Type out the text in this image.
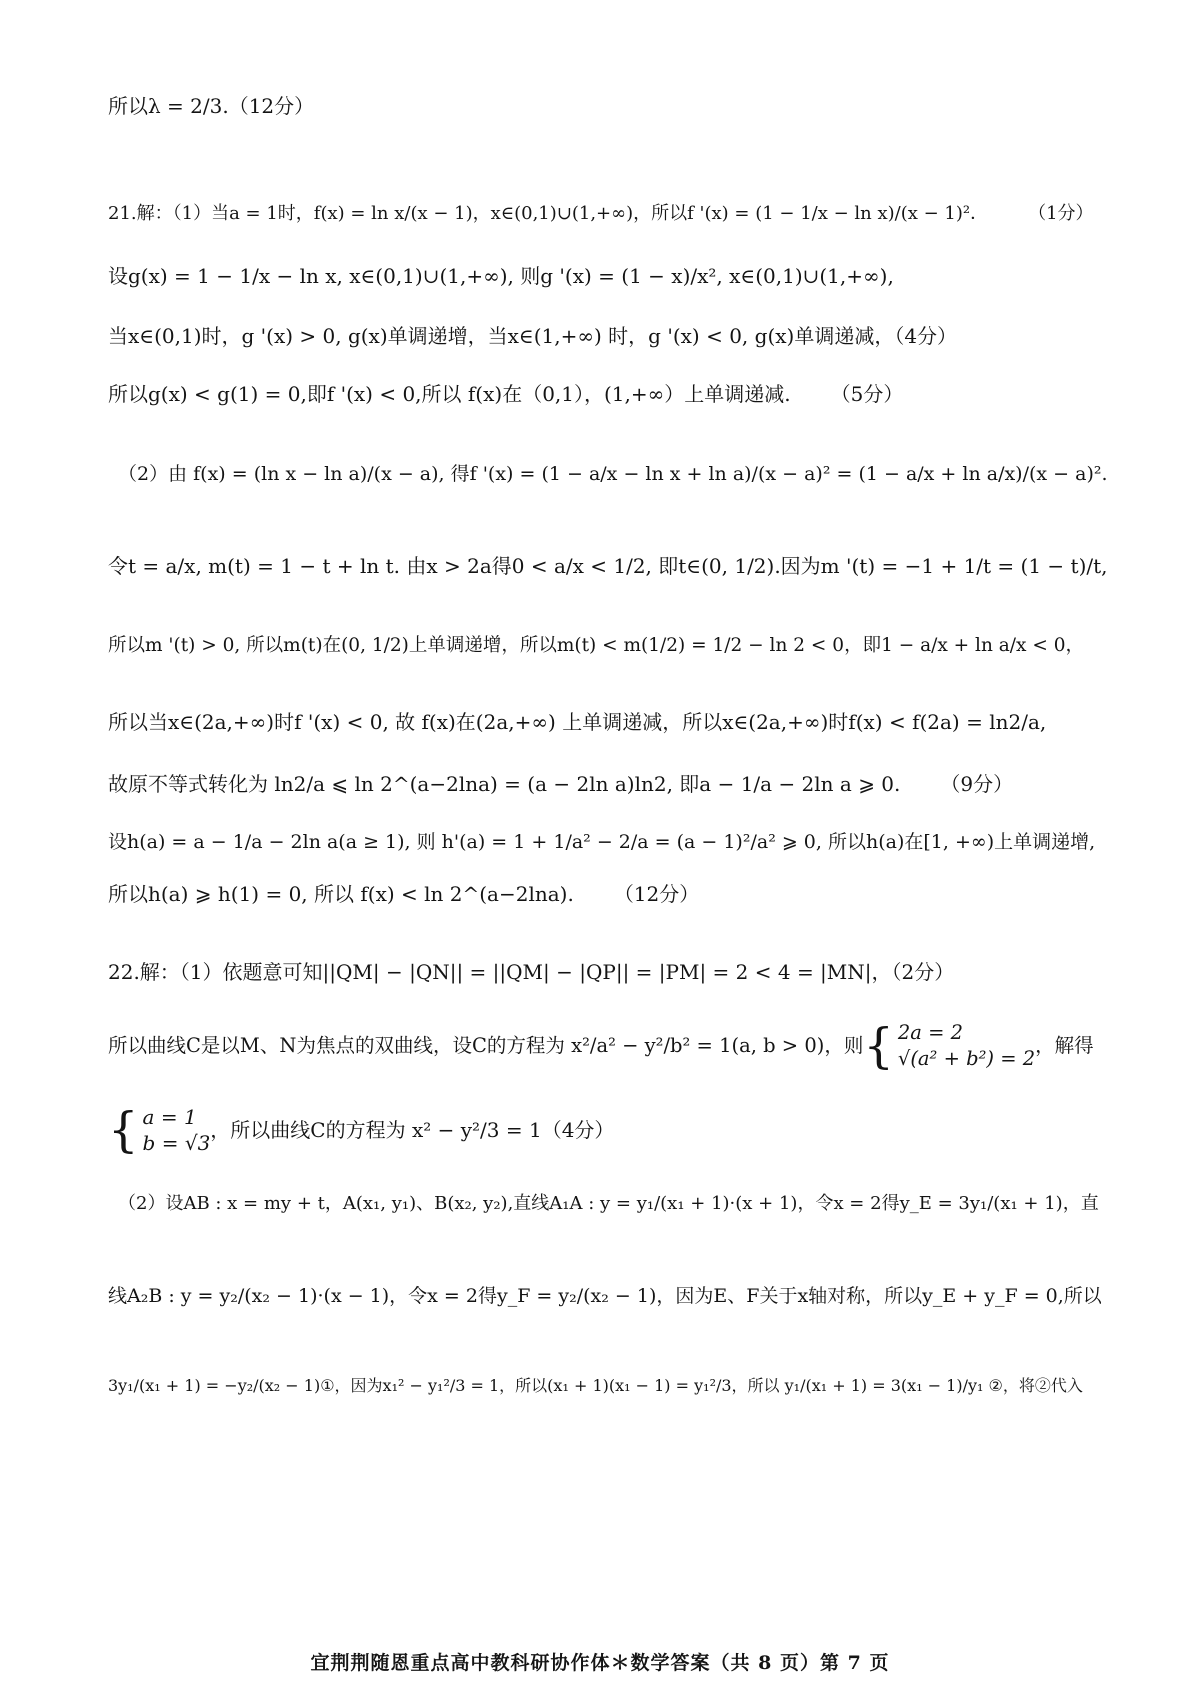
所以λ = 2/3.（12分）
21.解：（1）当a = 1时，f(x) = ln x/(x − 1)，x∈(0,1)∪(1,+∞)，所以f '(x) = (1 − 1/x − ln x)/(x − 1)²． （1分）
设g(x) = 1 − 1/x − ln x, x∈(0,1)∪(1,+∞), 则g '(x) = (1 − x)/x², x∈(0,1)∪(1,+∞),
当x∈(0,1)时，g '(x) > 0, g(x)单调递增，当x∈(1,+∞) 时，g '(x) < 0, g(x)单调递减，（4分）
所以g(x) < g(1) = 0,即f '(x) < 0,所以 f(x)在（0,1），(1,+∞）上单调递减. （5分）
（2）由 f(x) = (ln x − ln a)/(x − a), 得f '(x) = (1 − a/x − ln x + ln a)/(x − a)² = (1 − a/x + ln a/x)/(x − a)².
令t = a/x, m(t) = 1 − t + ln t. 由x > 2a得0 < a/x < 1/2, 即t∈(0, 1/2).因为m '(t) = −1 + 1/t = (1 − t)/t,
所以m '(t) > 0, 所以m(t)在(0, 1/2)上单调递增，所以m(t) < m(1/2) = 1/2 − ln 2 < 0，即1 − a/x + ln a/x < 0，
所以当x∈(2a,+∞)时f '(x) < 0, 故 f(x)在(2a,+∞) 上单调递减，所以x∈(2a,+∞)时f(x) < f(2a) = ln2/a,
故原不等式转化为 ln2/a ⩽ ln 2^(a−2lna) = (a − 2ln a)ln2, 即a − 1/a − 2ln a ⩾ 0. （9分）
设h(a) = a − 1/a − 2ln a(a ≥ 1), 则 h'(a) = 1 + 1/a² − 2/a = (a − 1)²/a² ⩾ 0, 所以h(a)在[1, +∞)上单调递增,
所以h(a) ⩾ h(1) = 0, 所以 f(x) < ln 2^(a−2lna). （12分）
22.解：（1）依题意可知||QM| − |QN|| = ||QM| − |QP|| = |PM| = 2 < 4 = |MN|，（2分）
所以曲线C是以M、N为焦点的双曲线，设C的方程为 x²/a² − y²/b² = 1(a, b > 0)，则 { 2a = 2
√(a² + b²) = 2
，解得
{ a = 1
b = √3
，所以曲线C的方程为 x² − y²/3 = 1（4分）
（2）设AB : x = my + t，A(x₁, y₁)、B(x₂, y₂),直线A₁A : y = y₁/(x₁ + 1)·(x + 1)，令x = 2得y_E = 3y₁/(x₁ + 1)，直
线A₂B : y = y₂/(x₂ − 1)·(x − 1)，令x = 2得y_F = y₂/(x₂ − 1)，因为E、F关于x轴对称，所以y_E + y_F = 0,所以
3y₁/(x₁ + 1) = −y₂/(x₂ − 1)①，因为x₁² − y₁²/3 = 1，所以(x₁ + 1)(x₁ − 1) = y₁²/3，所以 y₁/(x₁ + 1) = 3(x₁ − 1)/y₁ ②，将②代入
宜荆荆随恩重点高中教科研协作体＊数学答案（共 8 页）第 7 页
